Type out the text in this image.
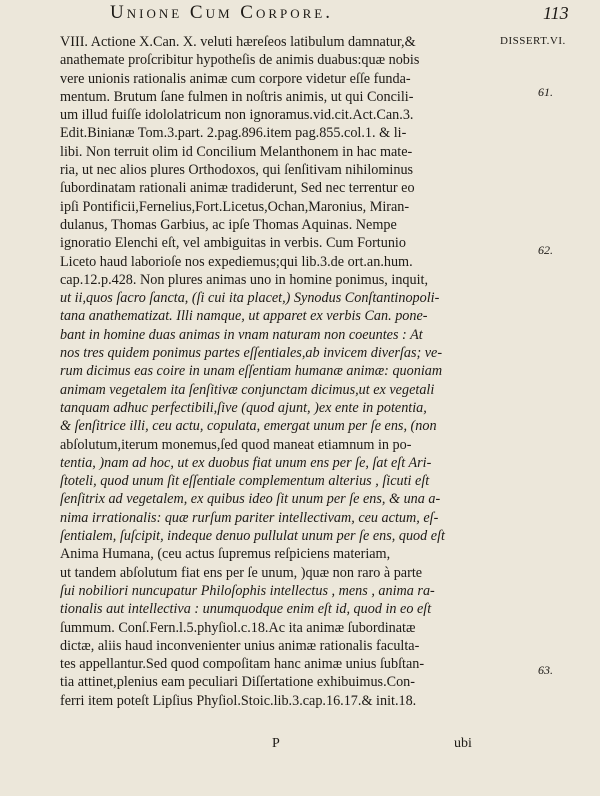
Unione Cum Corpore.	113
DISSERT.VI.
61.
62.
63.
VIII. Actione X.Can. X. veluti hæreſeos latibulum damnatur,&
anathemate proſcribitur hypotheſis de animis duabus:quæ nobis
vere unionis rationalis animæ cum corpore videtur eſſe funda-
mentum. Brutum ſane fulmen in noſtris animis, ut qui Concili-
um illud fuiſſe idololatricum non ignoramus.vid.cit.Act.Can.3.
Edit.Binianæ Tom.3.part. 2.pag.896.item pag.855.col.1. & li-
libi. Non terruit olim id Concilium Melanthonem in hac mate-
ria, ut nec alios plures Orthodoxos, qui ſenſitivam nihilominus
ſubordinatam rationali animæ tradiderunt, Sed nec terrentur eo
ipſi Pontificii,Fernelius,Fort.Licetus,Ochan,Maronius, Miran-
dulanus, Thomas Garbius, ac ipſe Thomas Aquinas. Nempe
ignoratio Elenchi eſt, vel ambiguitas in verbis. Cum Fortunio
Liceto haud laborioſe nos expediemus;qui lib.3.de ort.an.hum.
cap.12.p.428. Non plures animas uno in homine ponimus, inquit,
ut ii,quos ſacro ſancta, (ſi cui ita placet,) Synodus Conſtantinopoli-
tana anathematizat. Illi namque, ut apparet ex verbis Can. pone-
bant in homine duas animas in vnam naturam non coeuntes : At
nos tres quidem ponimus partes eſſentiales,ab invicem diverſas; ve-
rum dicimus eas coire in unam eſſentiam humanæ animæ: quoniam
animam vegetalem ita ſenſitivæ conjunctam dicimus,ut ex vegetali
tanquam adhuc perfectibili,ſive (quod ajunt, )ex ente in potentia,
& ſenſitrice illi, ceu actu, copulata, emergat unum per ſe ens, (non
abſolutum,iterum monemus,ſed quod maneat etiamnum in po-
tentia, )nam ad hoc, ut ex duobus fiat unum ens per ſe, ſat eſt Ari-
ſtoteli, quod unum ſit eſſentiale complementum alterius , ſicuti eſt
ſenſitrix ad vegetalem, ex quibus ideo ſit unum per ſe ens, & una a-
nima irrationalis: quæ rurſum pariter intellectivam, ceu actum, eſ-
ſentialem, ſuſcipit, indeque denuo pullulat unum per ſe ens, quod eſt
Anima Humana, (ceu actus ſupremus reſpiciens materiam,
ut tandem abſolutum fiat ens per ſe unum, )quæ non raro à parte
ſui nobiliori nuncupatur Philoſophis intellectus , mens , anima ra-
tionalis aut intellectiva : unumquodque enim eſt id, quod in eo eſt
ſummum. Conſ.Fern.l.5.phyſiol.c.18.Ac ita animæ ſubordinatæ
dictæ, aliis haud inconvenienter unius animæ rationalis faculta-
tes appellantur.Sed quod compoſitam hanc animæ unius ſubſtan-
tia attinet,plenius eam peculiari Diſſertatione exhibuimus.Con-
ferri item poteſt Lipſius Phyſiol.Stoic.lib.3.cap.16.17.& init.18.
P	ubi
